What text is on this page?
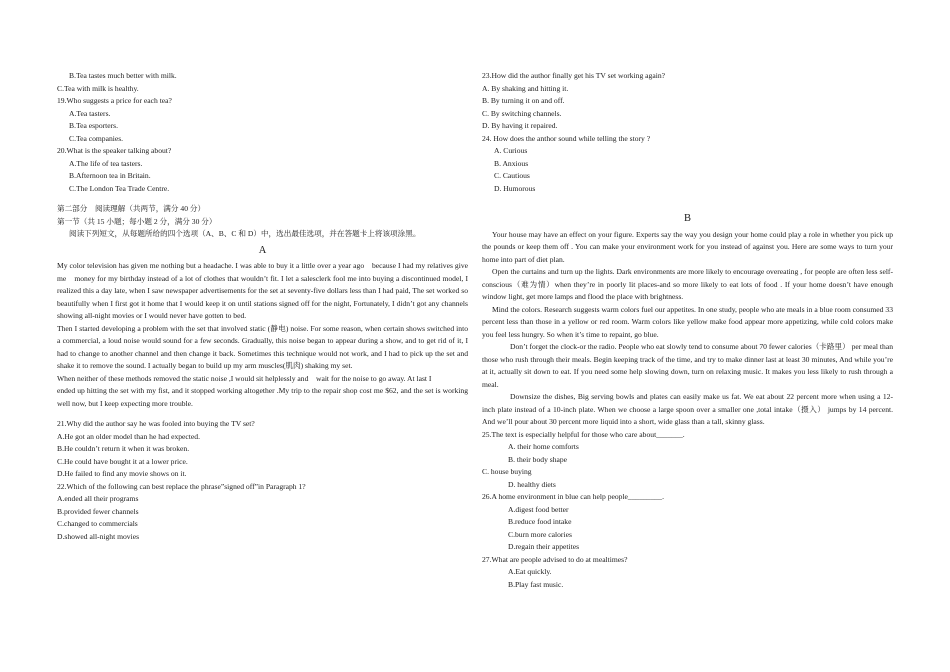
B.Tea tastes much better with milk.
C.Tea with milk is healthy.
19.Who suggests a price for each tea?
A.Tea tasters.
B.Tea esporters.
C.Tea companies.
20.What is the speaker talking about?
A.The life of tea tasters.
B.Afternoon tea in Britain.
C.The London Tea Trade Centre.
第二部分　阅读理解（共两节，满分 40 分）
第一节（共 15 小题；每小题 2 分，满分 30 分）
阅读下列短文，从每题所给的四个选项（A、B、C 和 D）中，选出最佳选项，并在答题卡上将该项涂黑。
A

My color television has given me nothing but a headache. I was able to buy it a little over a year ago　because I had my relatives give me　money for my birthday instead of a lot of clothes that wouldn’t fit. I let a salesclerk fool me into buying a discontinued model, I realized this a day late, when I saw newspaper advertisements for the set at seventy-five dollars less than I had paid, The set worked so beautifully when I first got it home that I would keep it on until stations signed off for the night, Fortunately, I didn’t got any channels showing all-night movies or I would never have gotten to bed.

Then I started developing a problem with the set that involved static (静电) noise. For some reason, when certain shows switched into a commercial, a loud noise would sound for a few seconds. Gradually, this noise began to appear during a show, and to get rid of it, I had to change to another channel and then change it back. Sometimes this technique would not work, and I had to pick up the set and shake it to remove the sound. I actually began to build up my arm muscles(肌肉) shaking my set.

When neither of these methods removed the static noise ,I would sit helplessly and　wait for the noise to go away. At last I

ended up hitting the set with my fist, and it stopped working altogether .My trip to the repair shop cost me $62, and the set is working well now, but I keep expecting more trouble.

21.Why did the author say he was fooled into buying the TV set?
A.He got an older model than he had expected.
B.He couldn’t return it when it was broken.
C.He could have bought it at a lower price.
D.He failed to find any movie shows on it.
22.Which of the following can best replace the phrase”signed off”in Paragraph 1?
A.ended all their programs
B.provided fewer channels
C.changed to commercials
D.showed all-night movies
23.How did the author finally get his TV set working again?
A. By shaking and hitting it.
B. By turning it on and off.
C. By switching channels.
D. By having it repaired.
24. How does the anthor sound while telling the story ?
A. Curious
B. Anxious
C. Cautious
D. Humorous
B

Your house may have an effect on your figure. Experts say the way you design your home could play a role in whether you pick up the pounds or keep them off . You can make your environment work for you instead of against you. Here are some ways to turn your home into part of diet plan.

Open the curtains and turn up the lights. Dark environments are more likely to encourage overeating , for people are often less self-conscious（难为情）when they’re in poorly lit places-and so more likely to eat lots of food . If your home doesn’t have enough window light, get more lamps and flood the place with brightness.

Mind the colors. Research suggests warm colors fuel our appetites. In one study, people who ate meals in a blue room consumed 33 percent less than those in a yellow or red room. Warm colors like yellow make food appear more appetizing, while cold colors make you feel less hungry. So when it’s time to repaint, go blue.

Don’t forget the clock-or the radio. People who eat slowly tend to consume about 70 fewer calories（卡路里） per meal than those who rush through their meals. Begin keeping track of the time, and try to make dinner last at least 30 minutes, And while you’re at it, actually sit down to eat. If you need some help slowing down, turn on relaxing music. It makes you less likely to rush through a meal.

Downsize the dishes, Big serving bowls and plates can easily make us fat. We eat about 22 percent more when using a 12-inch plate instead of a 10-inch plate. When we choose a large spoon over a smaller one ,total intake（摄入） jumps by 14 percent. And we’ll pour about 30 percent more liquid into a short, wide glass than a tall, skinny glass.

25.The text is especially helpful for those who care about_______.
A. their home comforts
B. their body shape
C. house buying
D. healthy diets
26.A home environment in blue can help people_________.
A.digest food better
B.reduce food intake
C.burn more calories
D.regain their appetites
27.What are people advised to do at mealtimes?
A.Eat quickly.
B.Play fast music.
